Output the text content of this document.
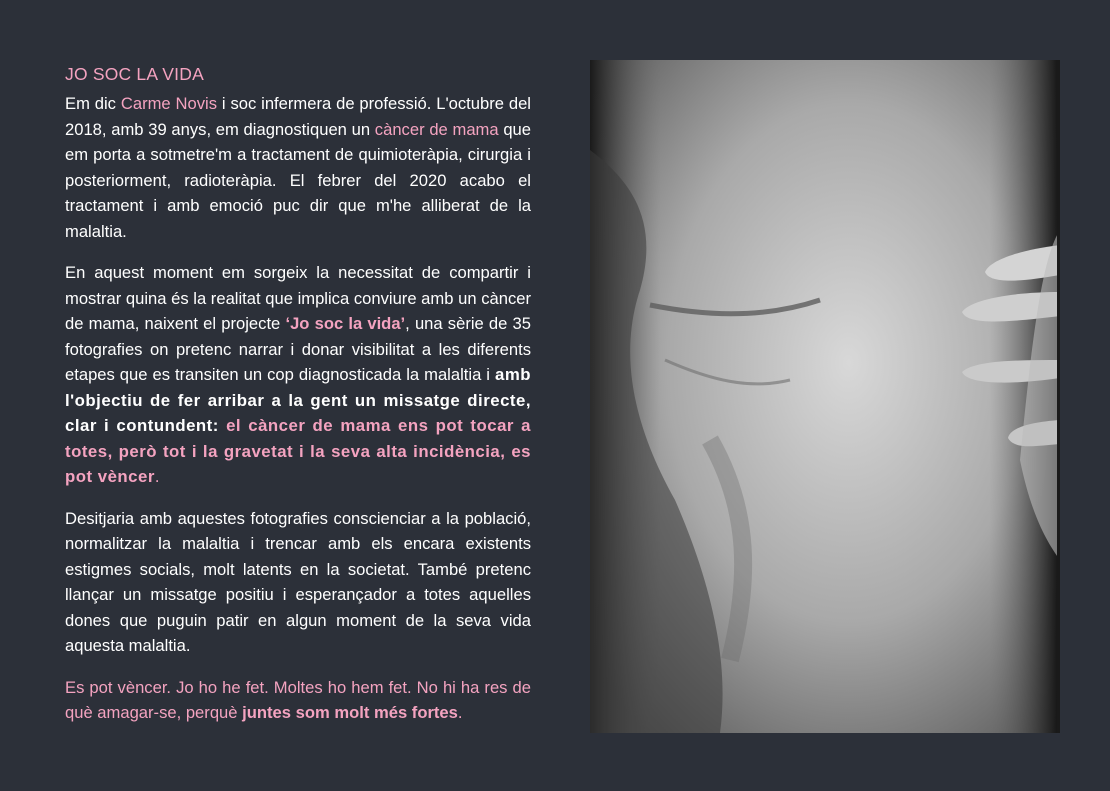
JO SOC LA VIDA

Em dic Carme Novis i soc infermera de professió. L'octubre del 2018, amb 39 anys, em diagnostiquen un càncer de mama que em porta a sotmetre'm a tractament de quimioteràpia, cirurgia i posteriorment, radioteràpia. El febrer del 2020 acabo el tractament i amb emoció puc dir que m'he alliberat de la malaltia.

En aquest moment em sorgeix la necessitat de compartir i mostrar quina és la realitat que implica conviure amb un càncer de mama, naixent el projecte ‘Jo soc la vida’, una sèrie de 35 fotografies on pretenc narrar i donar visibilitat a les diferents etapes que es transiten un cop diagnosticada la malaltia i amb l'objectiu de fer arribar a la gent un missatge directe, clar i contundent: el càncer de mama ens pot tocar a totes, però tot i la gravetat i la seva alta incidència, es pot vèncer.

Desitjaria amb aquestes fotografies conscienciar a la població, normalitzar la malaltia i trencar amb els encara existents estigmes socials, molt latents en la societat. També pretenc llançar un missatge positiu i esperançador a totes aquelles dones que puguin patir en algun moment de la seva vida aquesta malaltia.

Es pot vèncer. Jo ho he fet. Moltes ho hem fet. No hi ha res de què amagar-se, perquè juntes som molt més fortes.
